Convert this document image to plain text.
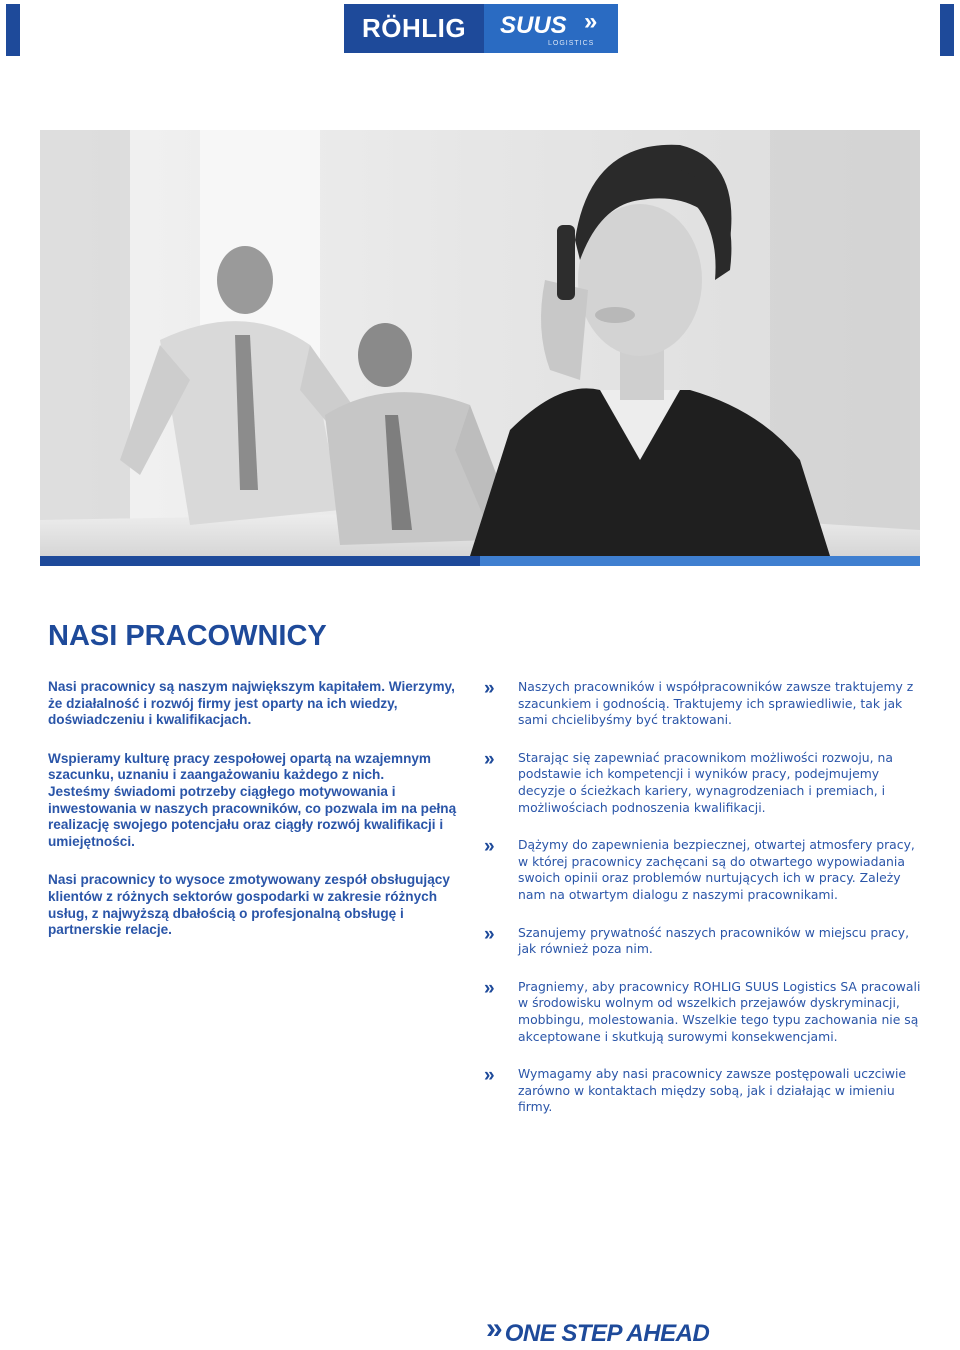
RÖHLIG SUUS »
LOGISTICS
NASI PRACOWNICY

Nasi pracownicy są naszym największym kapitałem. Wierzymy, że działalność i rozwój firmy jest oparty na ich wiedzy, doświadczeniu i kwalifikacjach.

Wspieramy kulturę pracy zespołowej opartą na wzajemnym szacunku, uznaniu i zaangażowaniu każdego z nich.

Jesteśmy świadomi potrzeby ciągłego motywowania i inwestowania w naszych pracowników, co pozwala im na pełną realizację swojego potencjału oraz ciągły rozwój kwalifikacji i umiejętności.

Nasi pracownicy to wysoce zmotywowany zespół obsługujący klientów z różnych sektorów gospodarki w zakresie różnych usług, z najwyższą dbałością o profesjonalną obsługę i partnerskie relacje.

»	Naszych pracowników i współpracowników zawsze traktujemy z szacunkiem i godnością. Traktujemy ich sprawiedliwie, tak jak sami chcielibyśmy być traktowani.
»	Starając się zapewniać pracownikom możliwości rozwoju, na podstawie ich kompetencji i wyników pracy, podejmujemy decyzje o ścieżkach kariery, wynagrodzeniach i premiach, i możliwościach podnoszenia kwalifikacji.
»	Dążymy do zapewnienia bezpiecznej, otwartej atmosfery pracy, w której pracownicy zachęcani są do otwartego wypowiadania swoich opinii oraz problemów nurtujących ich w pracy. Zależy nam na otwartym dialogu z naszymi pracownikami.
»	Szanujemy prywatność naszych pracowników w miejscu pracy, jak również poza nim.
»	Pragniemy, aby pracownicy ROHLIG SUUS Logistics SA pracowali w środowisku wolnym od wszelkich przejawów dyskryminacji, mobbingu, molestowania. Wszelkie tego typu zachowania nie są akceptowane i skutkują surowymi konsekwencjami.
»	Wymagamy aby nasi pracownicy zawsze postępowali uczciwie zarówno w kontaktach między sobą, jak i działając w imieniu firmy.
» ONE STEP AHEAD
